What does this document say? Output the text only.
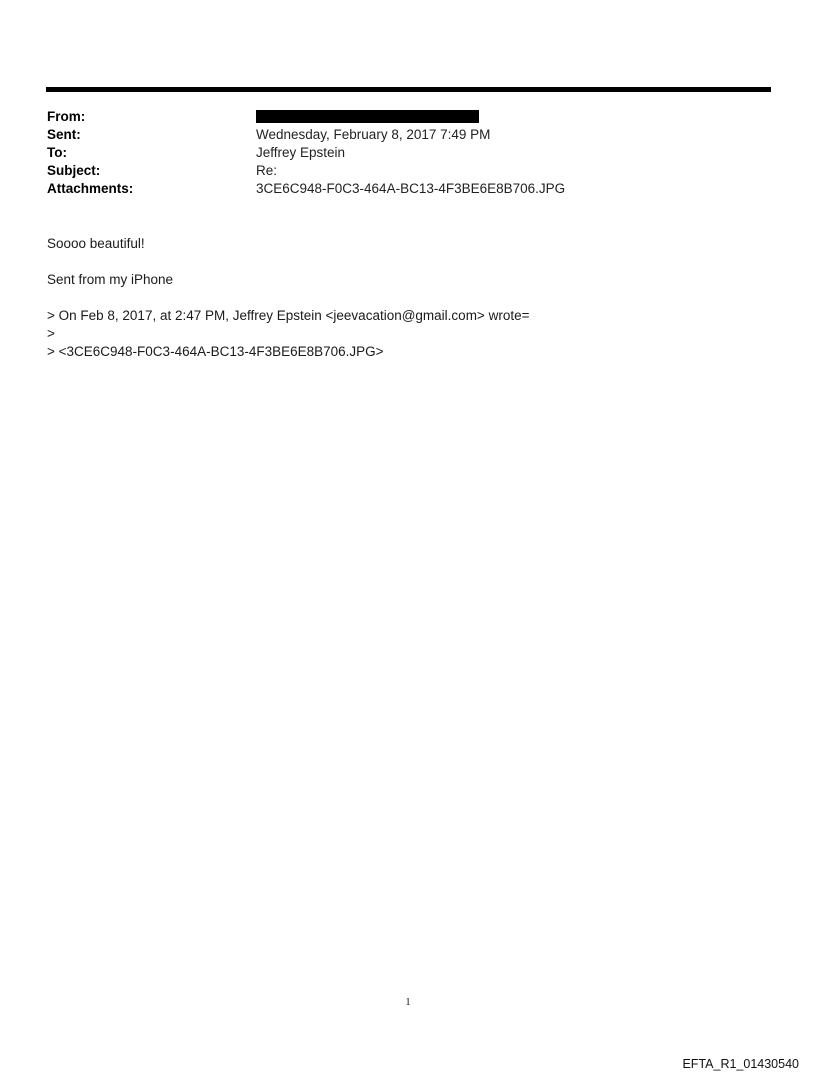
From:
Sent:	Wednesday, February 8, 2017 7:49 PM
To:	Jeffrey Epstein
Subject:	Re:
Attachments:	3CE6C948-F0C3-464A-BC13-4F3BE6E8B706.JPG

Soooo beautiful!

Sent from my iPhone

> On Feb 8, 2017, at 2:47 PM, Jeffrey Epstein <jeevacation@gmail.com> wrote=

>

> <3CE6C948-F0C3-464A-BC13-4F3BE6E8B706.JPG>

1
EFTA_R1_01430540
